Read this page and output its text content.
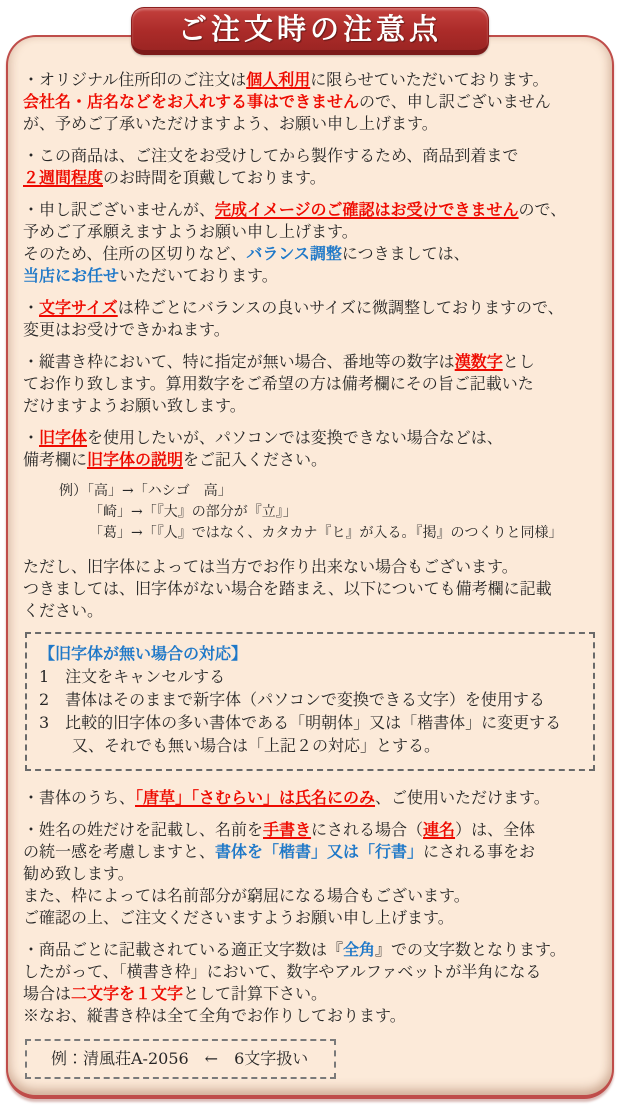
ご注文時の注意点
・オリジナル住所印のご注文は個人利用に限らせていただいております。
会社名・店名などをお入れする事はできませんので、申し訳ございません
が、予めご了承いただけますよう、お願い申し上げます。
・この商品は、ご注文をお受けしてから製作するため、商品到着まで
２週間程度のお時間を頂戴しております。
・申し訳ございませんが、完成イメージのご確認はお受けできませんので、
予めご了承願えますようお願い申し上げます。
そのため、住所の区切りなど、バランス調整につきましては、
当店にお任せいただいております。
・文字サイズは枠ごとにバランスの良いサイズに微調整しておりますので、
変更はお受けできかねます。
・縦書き枠において、特に指定が無い場合、番地等の数字は漢数字とし
てお作り致します。算用数字をご希望の方は備考欄にその旨ご記載いた
だけますようお願い致します。
・旧字体を使用したいが、パソコンでは変換できない場合などは、
備考欄に旧字体の説明をご記入ください。
例）「高」→「ハシゴ　高」
「崎」→「『大』の部分が『立』」
「葛」→「『人』ではなく、カタカナ『ヒ』が入る。『掲』のつくりと同様」
ただし、旧字体によっては当方でお作り出来ない場合もございます。
つきましては、旧字体がない場合を踏まえ、以下についても備考欄に記載
ください。
【旧字体が無い場合の対応】
1　注文をキャンセルする
2　書体はそのままで新字体（パソコンで変換できる文字）を使用する
3　比較的旧字体の多い書体である「明朝体」又は「楷書体」に変更する
又、それでも無い場合は「上記２の対応」とする。
・書体のうち、「唐草」「さむらい」は氏名にのみ、ご使用いただけます。
・姓名の姓だけを記載し、名前を手書きにされる場合（連名）は、全体
の統一感を考慮しますと、書体を「楷書」又は「行書」にされる事をお
勧め致します。
また、枠によっては名前部分が窮屈になる場合もございます。
ご確認の上、ご注文くださいますようお願い申し上げます。
・商品ごとに記載されている適正文字数は『全角』での文字数となります。
したがって、「横書き枠」において、数字やアルファベットが半角になる
場合は二文字を１文字として計算下さい。
※なお、縦書き枠は全て全角でお作りしております。
例：清風荘A-2056　←　6文字扱い
